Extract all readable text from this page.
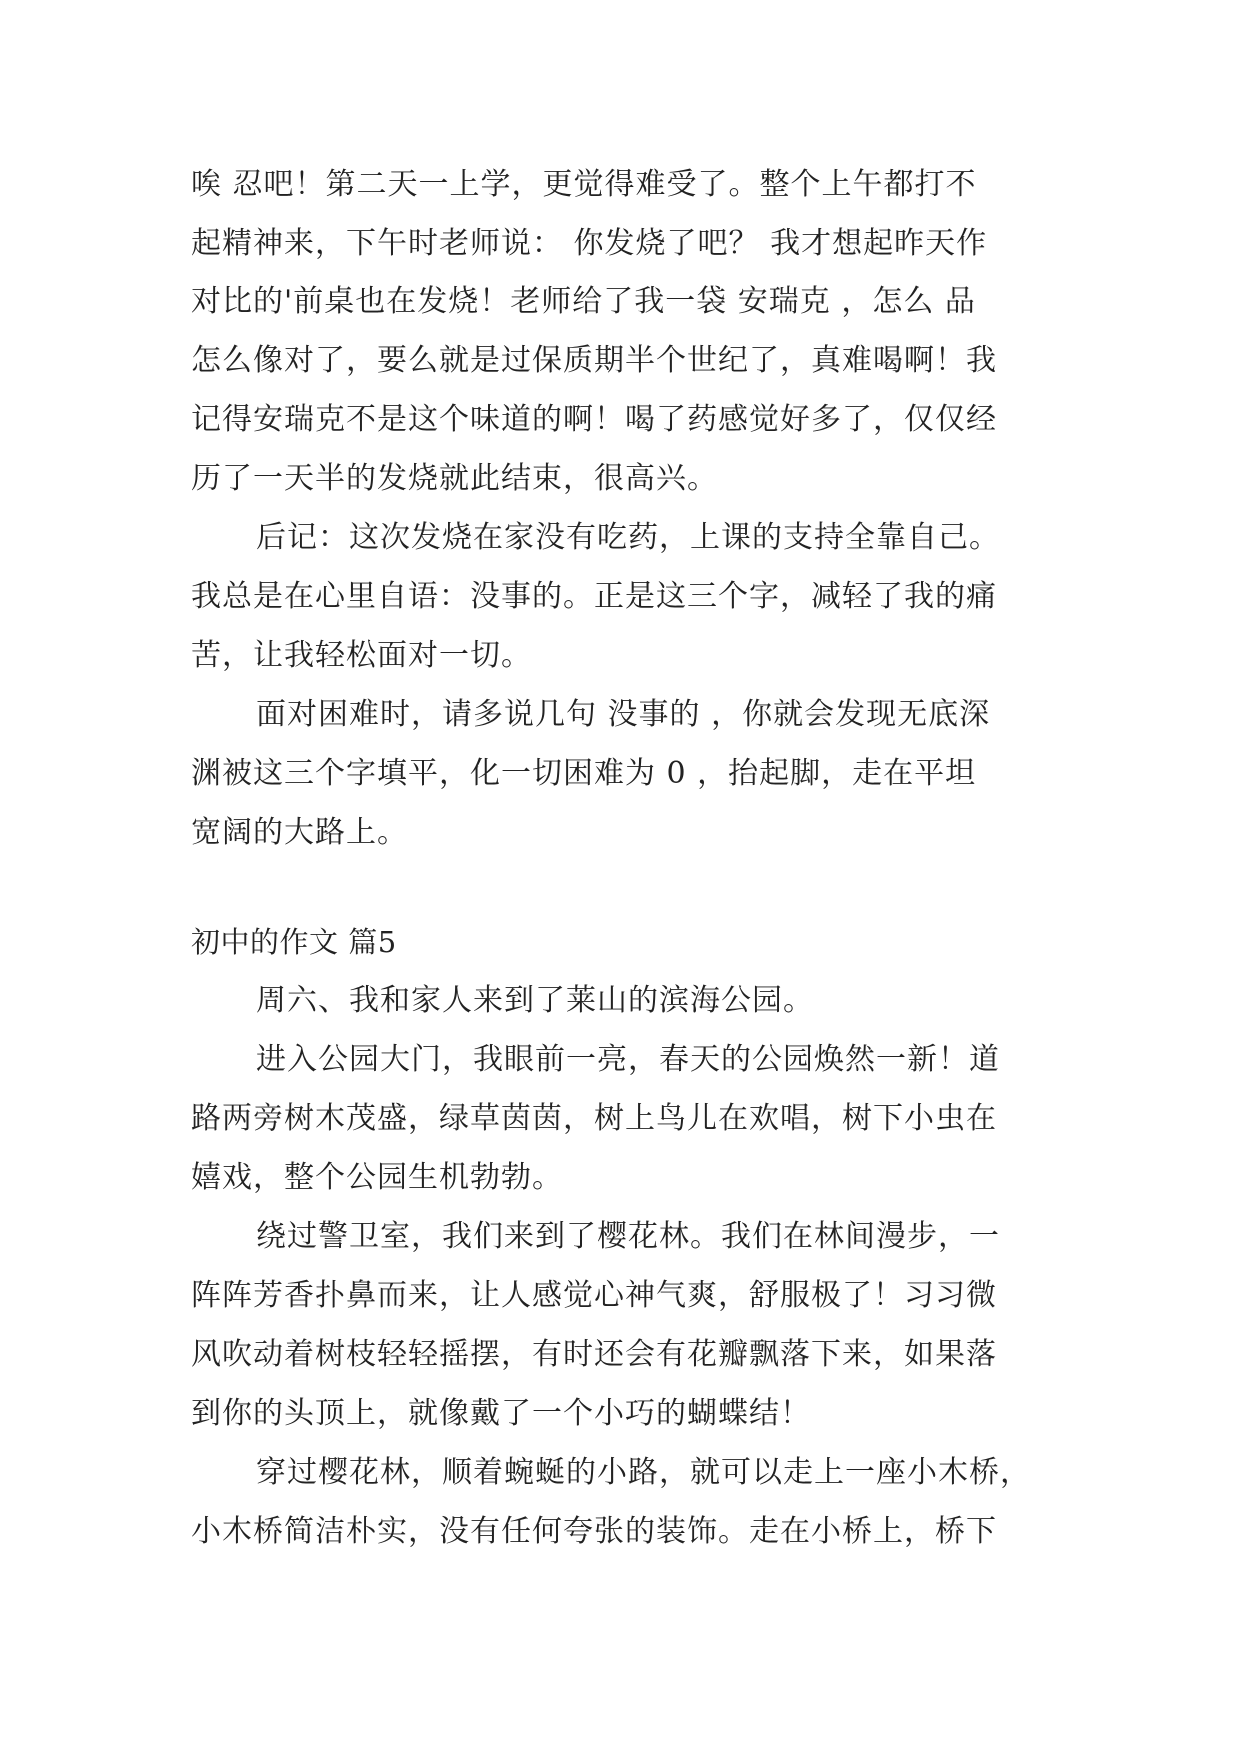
唉 忍吧！第二天一上学，更觉得难受了。整个上午都打不
起精神来，下午时老师说： 你发烧了吧？ 我才想起昨天作
对比的'前桌也在发烧！老师给了我一袋 安瑞克 ，怎么 品
怎么像对了，要么就是过保质期半个世纪了，真难喝啊！我
记得安瑞克不是这个味道的啊！喝了药感觉好多了，仅仅经
历了一天半的发烧就此结束，很高兴。
后记：这次发烧在家没有吃药，上课的支持全靠自己。
我总是在心里自语：没事的。正是这三个字，减轻了我的痛
苦，让我轻松面对一切。
面对困难时，请多说几句 没事的 ，你就会发现无底深
渊被这三个字填平，化一切困难为 0 ，抬起脚，走在平坦
宽阔的大路上。
初中的作文 篇5
周六、我和家人来到了莱山的滨海公园。
进入公园大门，我眼前一亮，春天的公园焕然一新！道
路两旁树木茂盛，绿草茵茵，树上鸟儿在欢唱，树下小虫在
嬉戏，整个公园生机勃勃。
绕过警卫室，我们来到了樱花林。我们在林间漫步，一
阵阵芳香扑鼻而来，让人感觉心神气爽，舒服极了！习习微
风吹动着树枝轻轻摇摆，有时还会有花瓣飘落下来，如果落
到你的头顶上，就像戴了一个小巧的蝴蝶结！
穿过樱花林，顺着蜿蜒的小路，就可以走上一座小木桥，
小木桥简洁朴实，没有任何夸张的装饰。走在小桥上，桥下
